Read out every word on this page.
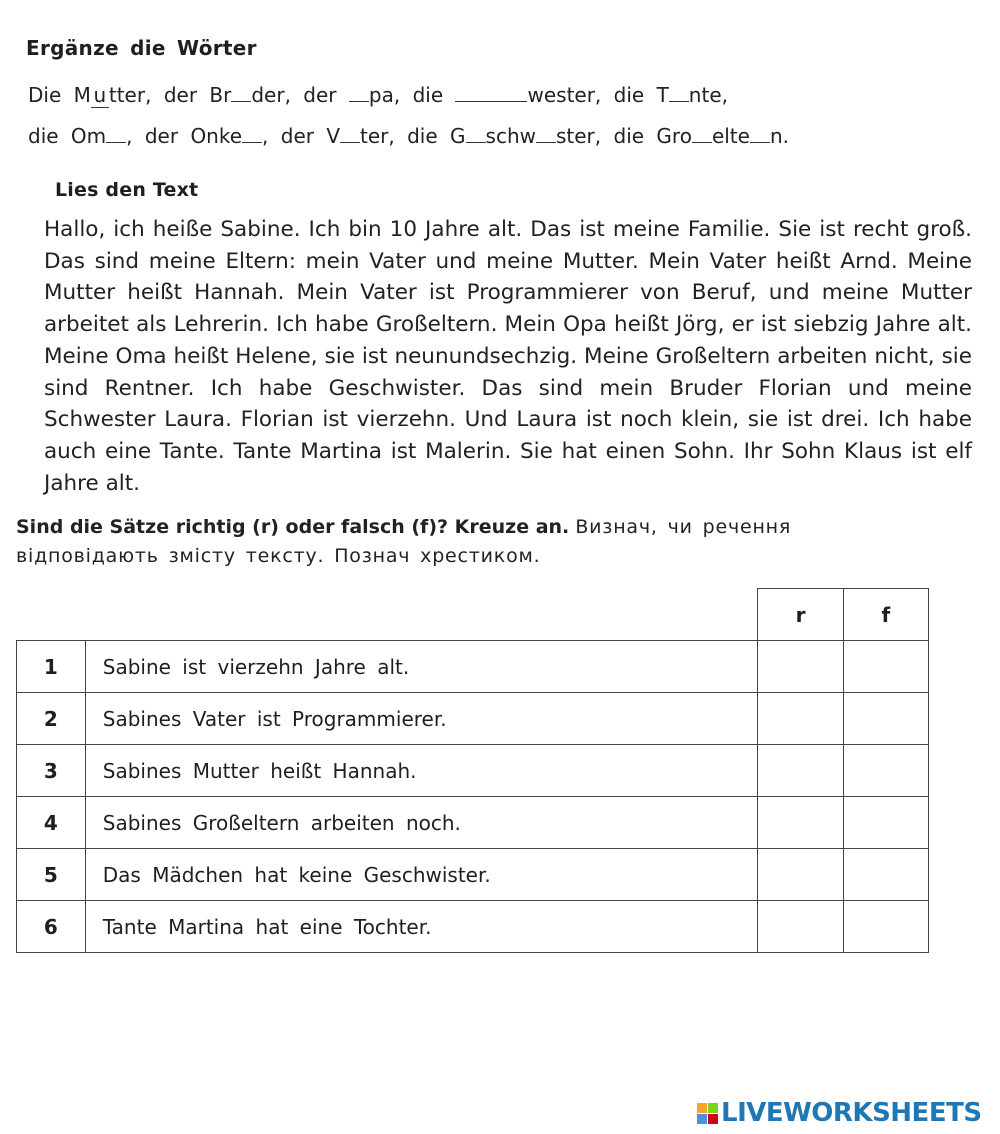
Ergänze die Wörter
Die M u tter, der Br der, der pa, die	wester, die T nte,
die Om , der Onke , der V ter, die G schw ster, die Gro elte n.
Lies den Text
Hallo, ich heiße Sabine. Ich bin 10 Jahre alt. Das ist meine Familie. Sie ist recht groß. Das sind meine Eltern: mein Vater und meine Mutter. Mein Vater heißt Arnd. Meine Mutter heißt Hannah. Mein Vater ist Programmierer von Beruf, und meine Mutter arbeitet als Lehrerin. Ich habe Großeltern. Mein Opa heißt Jörg, er ist siebzig Jahre alt. Meine Oma heißt Helene, sie ist neunundsechzig. Meine Großeltern arbeiten nicht, sie sind Rentner. Ich habe Geschwister. Das sind mein Bruder Florian und meine Schwester Laura. Florian ist vierzehn. Und Laura ist noch klein, sie ist drei. Ich habe auch eine Tante. Tante Martina ist Malerin. Sie hat einen Sohn. Ihr Sohn Klaus ist elf Jahre alt.
Sind die Sätze richtig (r) oder falsch (f)? Kreuze an. Визнач, чи речення відповідають змісту тексту. Познач хрестиком.
		r	f
1	Sabine ist vierzehn Jahre alt.		
2	Sabines Vater ist Programmierer.		
3	Sabines Mutter heißt Hannah.		
4	Sabines Großeltern arbeiten noch.		
5	Das Mädchen hat keine Geschwister.		
6	Tante Martina hat eine Tochter.		
LIVEWORKSHEETS
